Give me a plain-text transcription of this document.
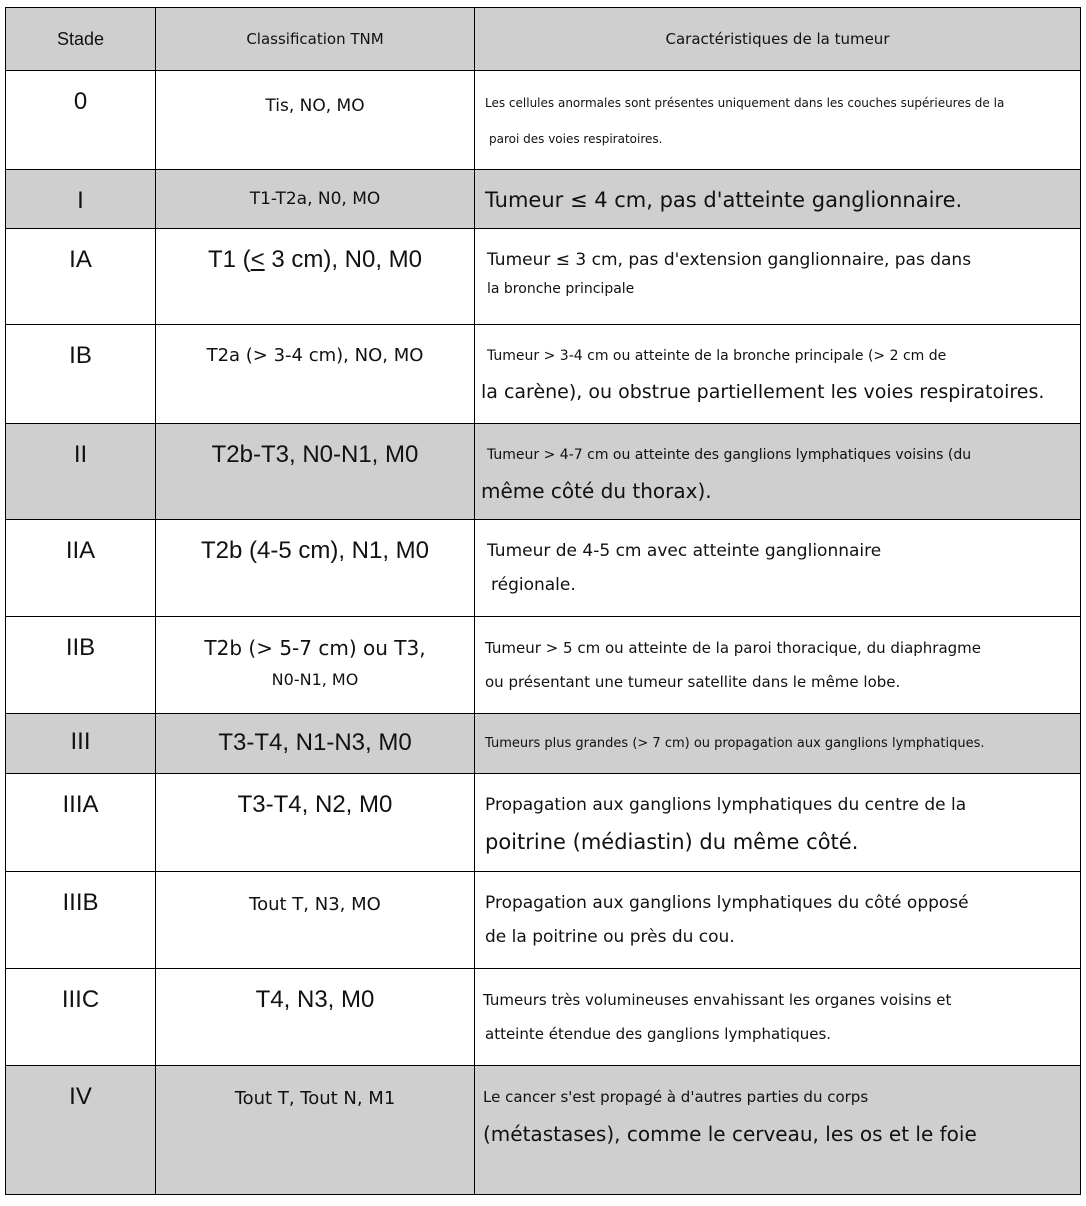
Stade	Classification TNM	Caractéristiques de la tumeur
0	Tis, NO, MO	Les cellules anormales sont présentes uniquement dans les couches supérieures de la
paroi des voies respiratoires.

I	T1-T2a, N0, MO	Tumeur ≤ 4 cm, pas d'atteinte ganglionnaire.

IA	T1 (≤ 3 cm), N0, M0	Tumeur ≤ 3 cm, pas d'extension ganglionnaire, pas dans
la bronche principale

IB	T2a (> 3-4 cm), NO, MO	Tumeur > 3-4 cm ou atteinte de la bronche principale (> 2 cm de
la carène), ou obstrue partiellement les voies respiratoires.

II	T2b-T3, N0-N1, M0	Tumeur > 4-7 cm ou atteinte des ganglions lymphatiques voisins (du
même côté du thorax).

IIA	T2b (4-5 cm), N1, M0	Tumeur de 4-5 cm avec atteinte ganglionnaire
régionale.

IIB	T2b (> 5-7 cm) ou T3,
N0-N1, MO	Tumeur > 5 cm ou atteinte de la paroi thoracique, du diaphragme
ou présentant une tumeur satellite dans le même lobe.

III	T3-T4, N1-N3, M0	Tumeurs plus grandes (> 7 cm) ou propagation aux ganglions lymphatiques.

IIIA	T3-T4, N2, M0	Propagation aux ganglions lymphatiques du centre de la
poitrine (médiastin) du même côté.

IIIB	Tout T, N3, MO	Propagation aux ganglions lymphatiques du côté opposé
de la poitrine ou près du cou.

IIIC	T4, N3, M0	Tumeurs très volumineuses envahissant les organes voisins et
atteinte étendue des ganglions lymphatiques.

IV	Tout T, Tout N, M1	Le cancer s'est propagé à d'autres parties du corps
(métastases), comme le cerveau, les os et le foie
